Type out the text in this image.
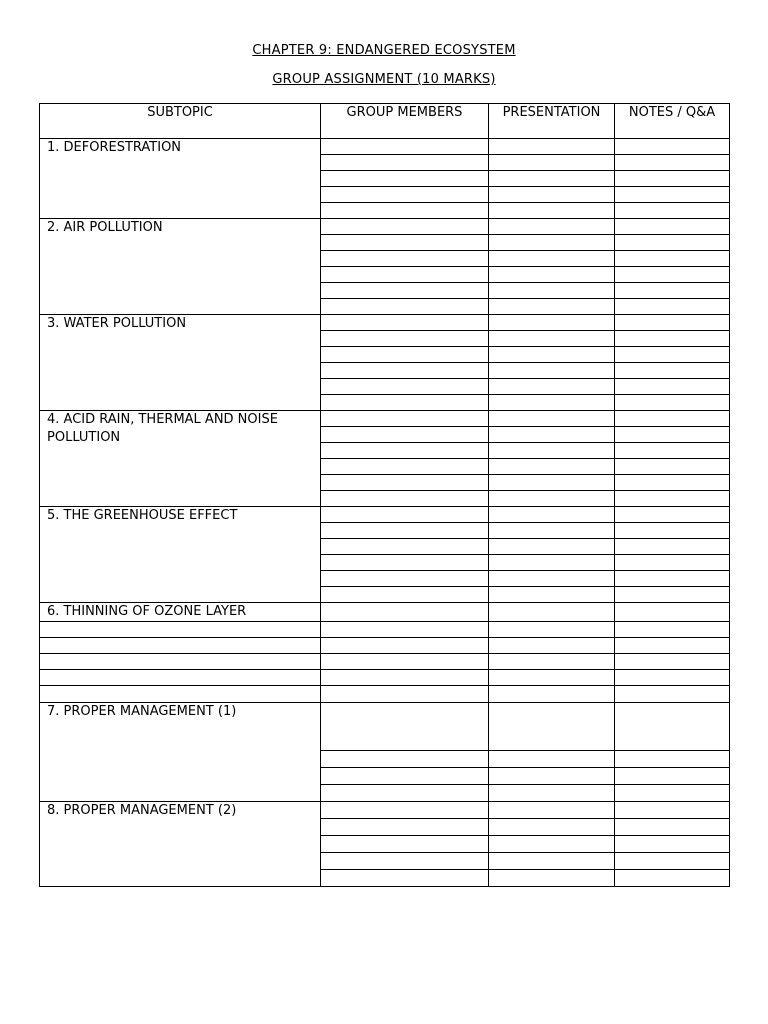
CHAPTER 9: ENDANGERED ECOSYSTEM
GROUP ASSIGNMENT (10 MARKS)
SUBTOPIC	GROUP MEMBERS	PRESENTATION	NOTES / Q&A
1. DEFORESTRATION			

2. AIR POLLUTION			

3. WATER POLLUTION			

4. ACID RAIN, THERMAL AND NOISE POLLUTION			

5. THE GREENHOUSE EFFECT			

6. THINNING OF OZONE LAYER			

7. PROPER MANAGEMENT (1)			

8. PROPER MANAGEMENT (2)			
